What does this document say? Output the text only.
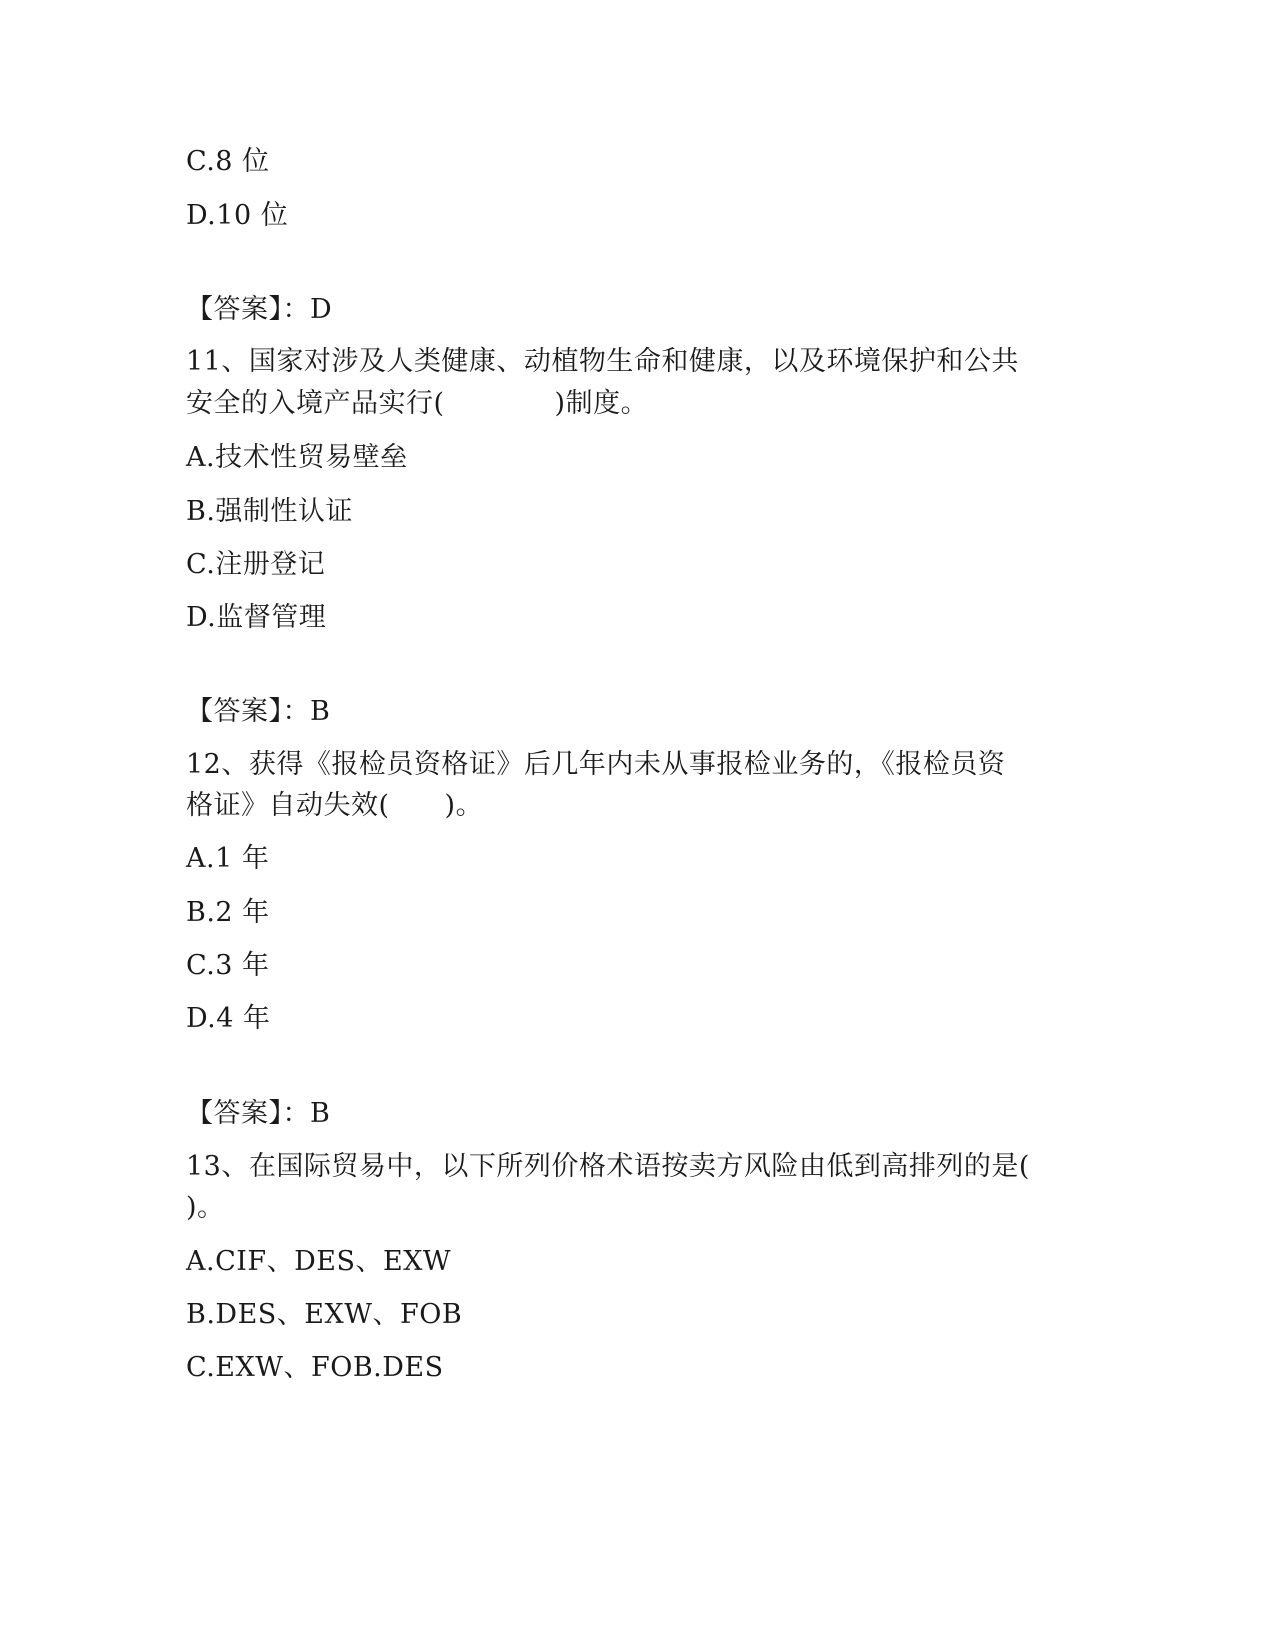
C.8 位
D.10 位
【答案】：D
11、国家对涉及人类健康、动植物生命和健康，以及环境保护和公共
安全的入境产品实行(　　　　)制度。
A.技术性贸易壁垒
B.强制性认证
C.注册登记
D.监督管理
【答案】：B
12、获得《报检员资格证》后几年内未从事报检业务的，《报检员资
格证》自动失效(　　)。
A.1 年
B.2 年
C.3 年
D.4 年
【答案】：B
13、在国际贸易中，以下所列价格术语按卖方风险由低到高排列的是(
)。
A.CIF、DES、EXW
B.DES、EXW、FOB
C.EXW、FOB.DES
